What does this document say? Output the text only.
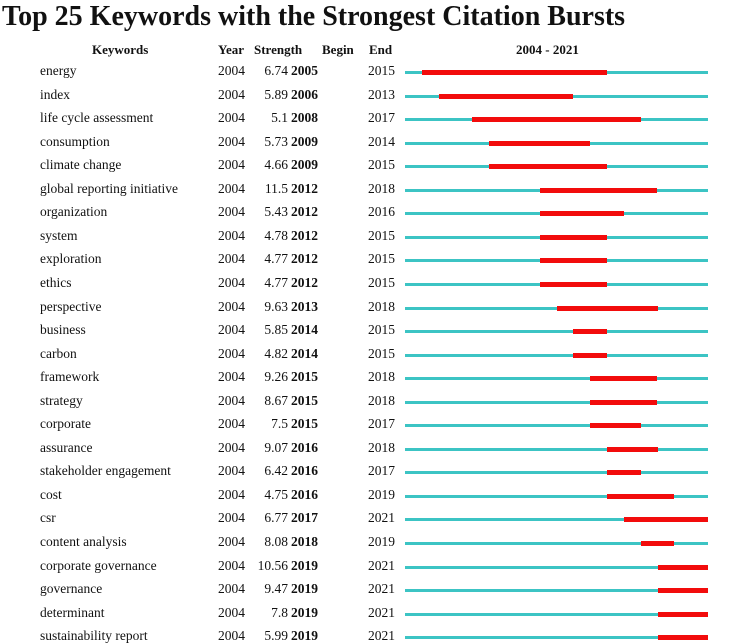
Top 25 Keywords with the Strongest Citation Bursts
Keywords	Year Strength Begin End	2004 - 2021
energy	2004	6.74 2005	2015
index	2004	5.89 2006	2013
life cycle assessment	2004	5.1 2008	2017
consumption	2004	5.73 2009	2014
climate change	2004	4.66 2009	2015
global reporting initiative	2004	11.5 2012	2018
organization	2004	5.43 2012	2016
system	2004	4.78 2012	2015
exploration	2004	4.77 2012	2015
ethics	2004	4.77 2012	2015
perspective	2004	9.63 2013	2018
business	2004	5.85 2014	2015
carbon	2004	4.82 2014	2015
framework	2004	9.26 2015	2018
strategy	2004	8.67 2015	2018
corporate	2004	7.5 2015	2017
assurance	2004	9.07 2016	2018
stakeholder engagement	2004	6.42 2016	2017
cost	2004	4.75 2016	2019
csr	2004	6.77 2017	2021
content analysis	2004	8.08 2018	2019
corporate governance	2004 10.56 2019	2021
governance	2004	9.47 2019	2021
determinant	2004	7.8 2019	2021
sustainability report	2004	5.99 2019	2021
